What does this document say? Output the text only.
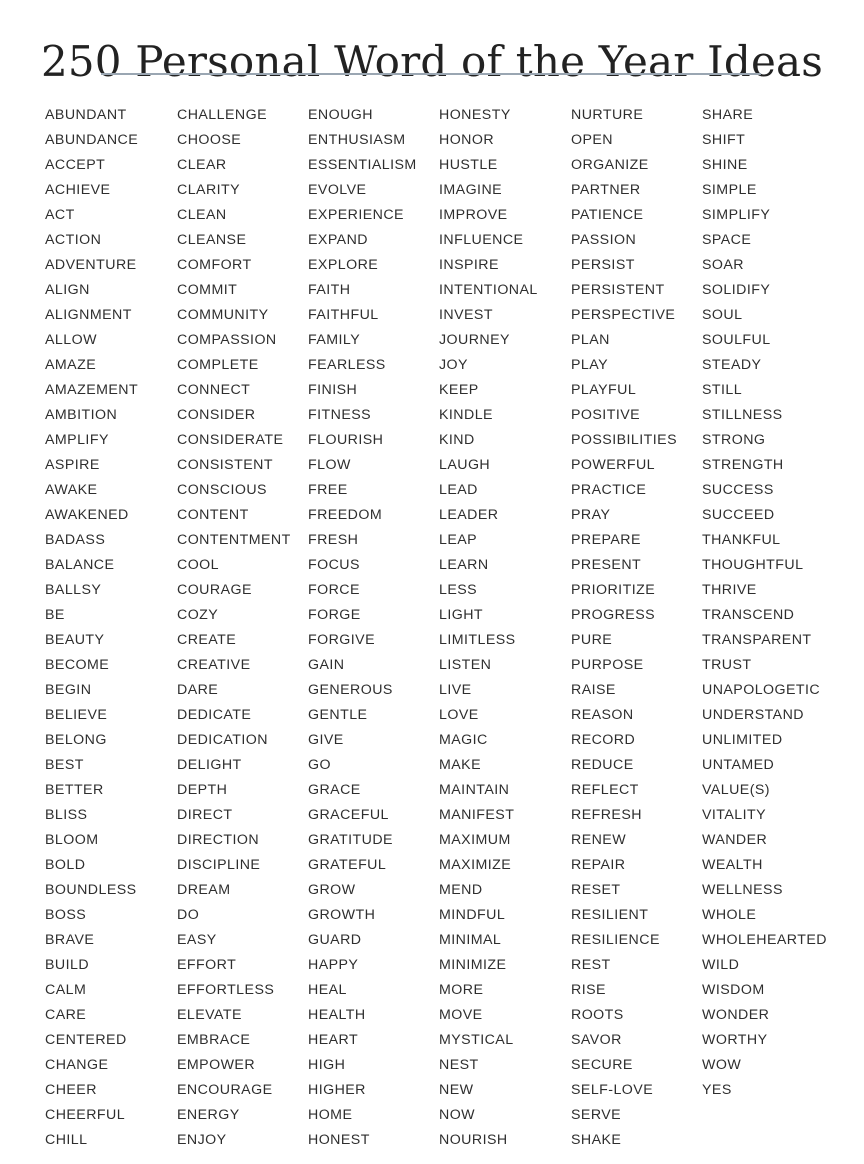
250 Personal Word of the Year Ideas
ABUNDANT
ABUNDANCE
ACCEPT
ACHIEVE
ACT
ACTION
ADVENTURE
ALIGN
ALIGNMENT
ALLOW
AMAZE
AMAZEMENT
AMBITION
AMPLIFY
ASPIRE
AWAKE
AWAKENED
BADASS
BALANCE
BALLSY
BE
BEAUTY
BECOME
BEGIN
BELIEVE
BELONG
BEST
BETTER
BLISS
BLOOM
BOLD
BOUNDLESS
BOSS
BRAVE
BUILD
CALM
CARE
CENTERED
CHANGE
CHEER
CHEERFUL
CHILL
CHALLENGE
CHOOSE
CLEAR
CLARITY
CLEAN
CLEANSE
COMFORT
COMMIT
COMMUNITY
COMPASSION
COMPLETE
CONNECT
CONSIDER
CONSIDERATE
CONSISTENT
CONSCIOUS
CONTENT
CONTENTMENT
COOL
COURAGE
COZY
CREATE
CREATIVE
DARE
DEDICATE
DEDICATION
DELIGHT
DEPTH
DIRECT
DIRECTION
DISCIPLINE
DREAM
DO
EASY
EFFORT
EFFORTLESS
ELEVATE
EMBRACE
EMPOWER
ENCOURAGE
ENERGY
ENJOY
ENOUGH
ENTHUSIASM
ESSENTIALISM
EVOLVE
EXPERIENCE
EXPAND
EXPLORE
FAITH
FAITHFUL
FAMILY
FEARLESS
FINISH
FITNESS
FLOURISH
FLOW
FREE
FREEDOM
FRESH
FOCUS
FORCE
FORGE
FORGIVE
GAIN
GENEROUS
GENTLE
GIVE
GO
GRACE
GRACEFUL
GRATITUDE
GRATEFUL
GROW
GROWTH
GUARD
HAPPY
HEAL
HEALTH
HEART
HIGH
HIGHER
HOME
HONEST
HONESTY
HONOR
HUSTLE
IMAGINE
IMPROVE
INFLUENCE
INSPIRE
INTENTIONAL
INVEST
JOURNEY
JOY
KEEP
KINDLE
KIND
LAUGH
LEAD
LEADER
LEAP
LEARN
LESS
LIGHT
LIMITLESS
LISTEN
LIVE
LOVE
MAGIC
MAKE
MAINTAIN
MANIFEST
MAXIMUM
MAXIMIZE
MEND
MINDFUL
MINIMAL
MINIMIZE
MORE
MOVE
MYSTICAL
NEST
NEW
NOW
NOURISH
NURTURE
OPEN
ORGANIZE
PARTNER
PATIENCE
PASSION
PERSIST
PERSISTENT
PERSPECTIVE
PLAN
PLAY
PLAYFUL
POSITIVE
POSSIBILITIES
POWERFUL
PRACTICE
PRAY
PREPARE
PRESENT
PRIORITIZE
PROGRESS
PURE
PURPOSE
RAISE
REASON
RECORD
REDUCE
REFLECT
REFRESH
RENEW
REPAIR
RESET
RESILIENT
RESILIENCE
REST
RISE
ROOTS
SAVOR
SECURE
SELF-LOVE
SERVE
SHAKE
SHARE
SHIFT
SHINE
SIMPLE
SIMPLIFY
SPACE
SOAR
SOLIDIFY
SOUL
SOULFUL
STEADY
STILL
STILLNESS
STRONG
STRENGTH
SUCCESS
SUCCEED
THANKFUL
THOUGHTFUL
THRIVE
TRANSCEND
TRANSPARENT
TRUST
UNAPOLOGETIC
UNDERSTAND
UNLIMITED
UNTAMED
VALUE(S)
VITALITY
WANDER
WEALTH
WELLNESS
WHOLE
WHOLEHEARTED
WILD
WISDOM
WONDER
WORTHY
WOW
YES
